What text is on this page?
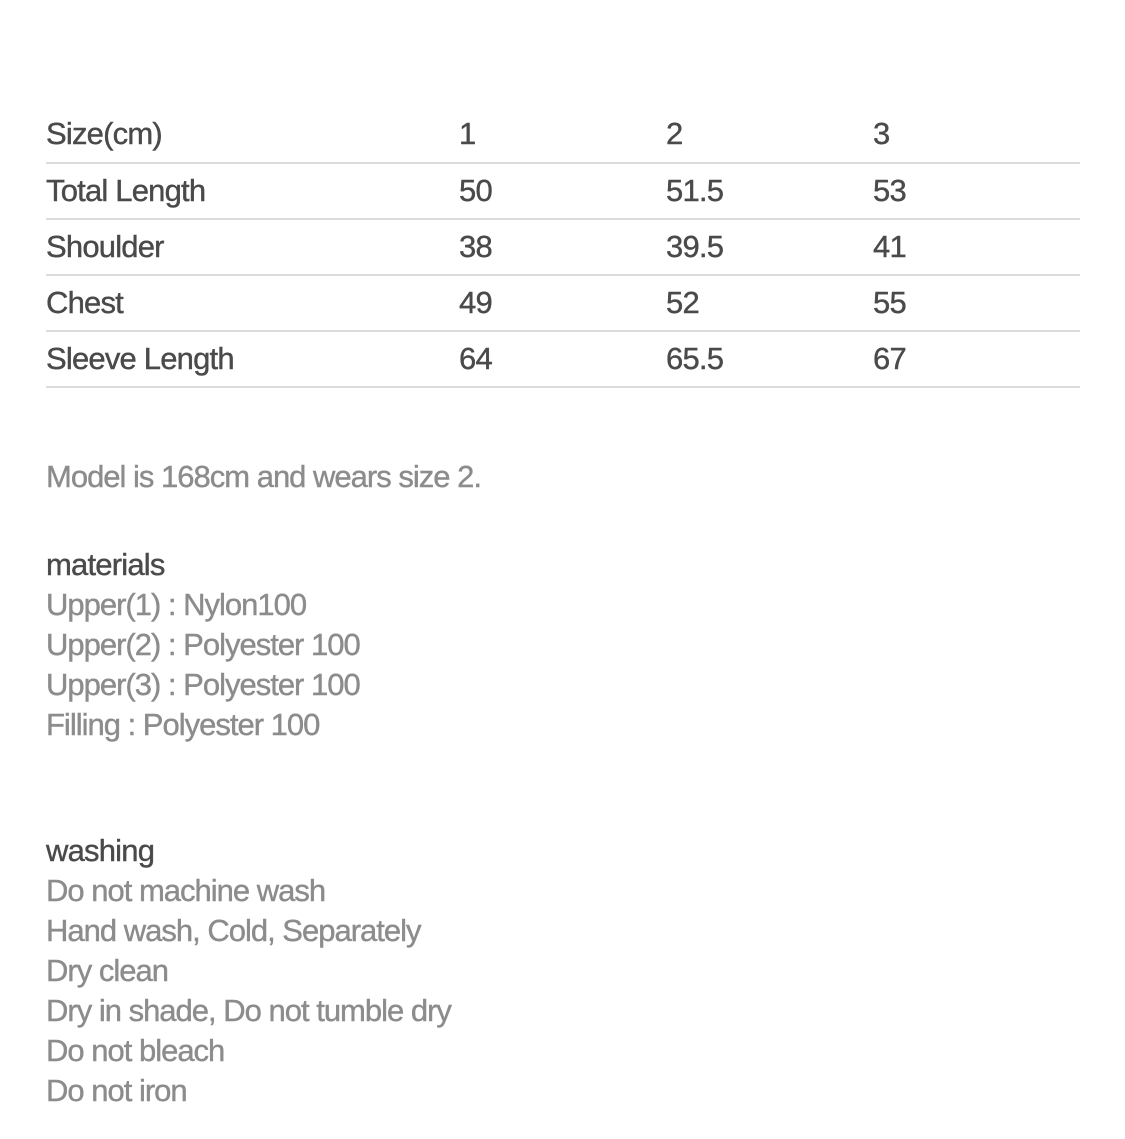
Size(cm)	1	2	3
Total Length	50	51.5	53
Shoulder	38	39.5	41
Chest	49	52	55
Sleeve Length	64	65.5	67

Model is 168cm and wears size 2.

materials
Upper(1) : Nylon100
Upper(2) : Polyester 100
Upper(3) : Polyester 100
Filling : Polyester 100
washing
Do not machine wash
Hand wash, Cold, Separately
Dry clean
Dry in shade, Do not tumble dry
Do not bleach
Do not iron
